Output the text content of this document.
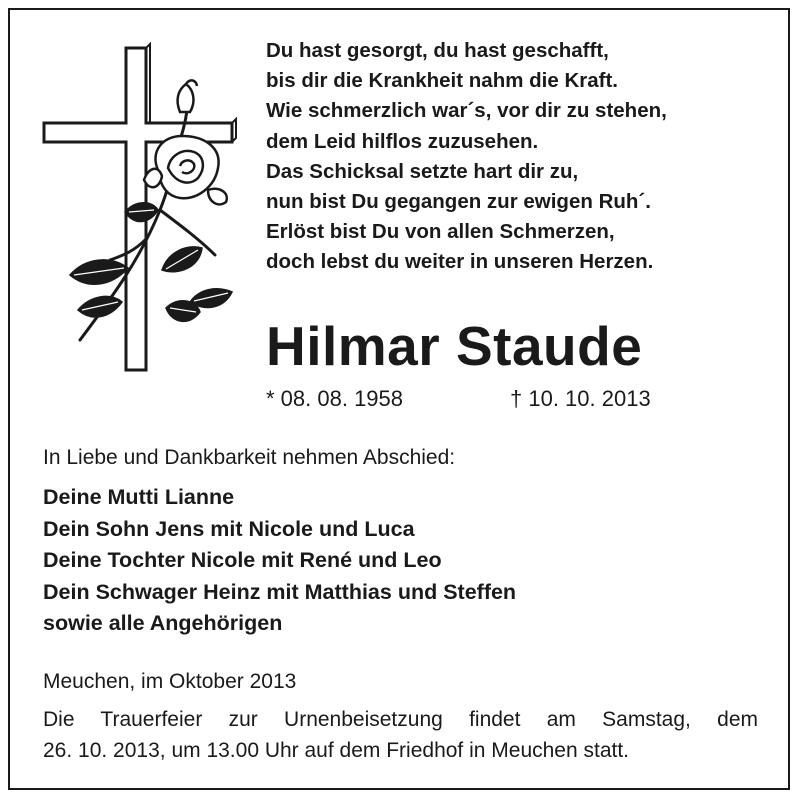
Du hast gesorgt, du hast geschafft,
bis dir die Krankheit nahm die Kraft.
Wie schmerzlich war´s, vor dir zu stehen,
dem Leid hilflos zuzusehen.
Das Schicksal setzte hart dir zu,
nun bist Du gegangen zur ewigen Ruh´.
Erlöst bist Du von allen Schmerzen,
doch lebst du weiter in unseren Herzen.
Hilmar Staude
* 08. 08. 1958	† 10. 10. 2013
In Liebe und Dankbarkeit nehmen Abschied:
Deine Mutti Lianne
Dein Sohn Jens mit Nicole und Luca
Deine Tochter Nicole mit René und Leo
Dein Schwager Heinz mit Matthias und Steffen
sowie alle Angehörigen
Meuchen, im Oktober 2013
Die Trauerfeier zur Urnenbeisetzung findet am Samstag, dem
26. 10. 2013, um 13.00 Uhr auf dem Friedhof in Meuchen statt.
